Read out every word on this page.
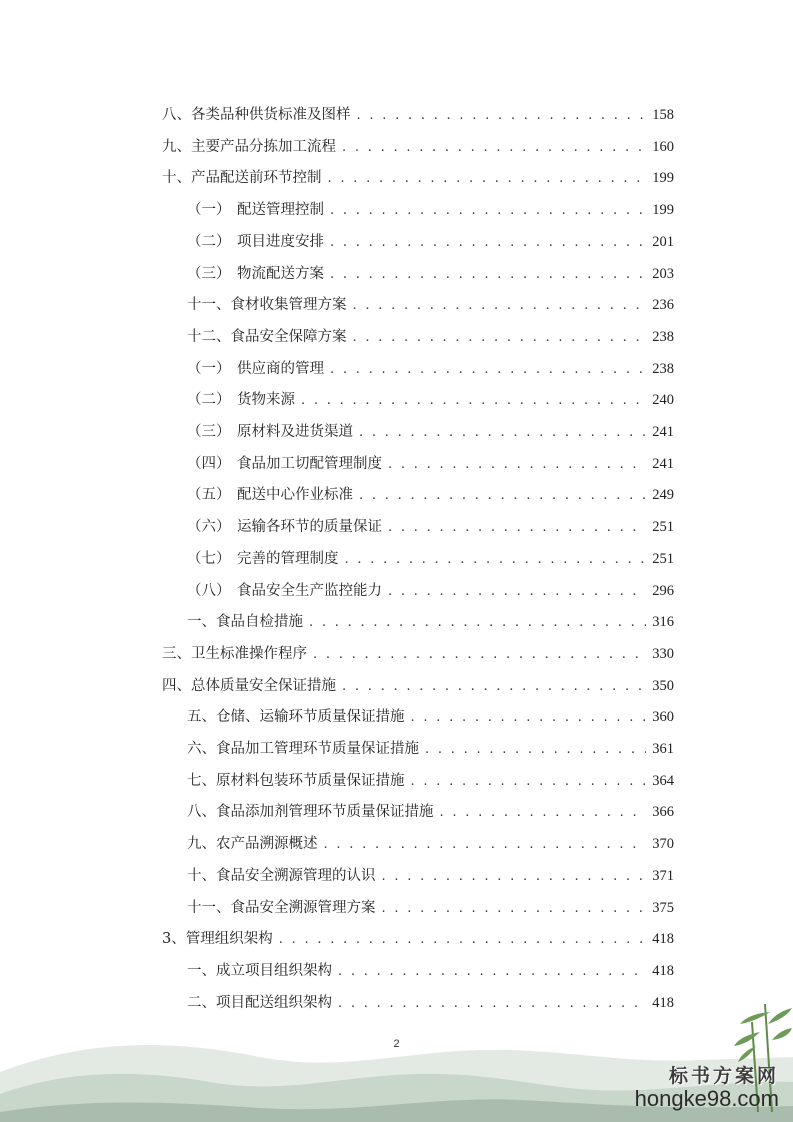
八、各类品种供货标准及图样 . . .	158
九、主要产品分拣加工流程 . . .	160
十、产品配送前环节控制 . . .	199
（一） 配送管理控制 . . .	199
（二） 项目进度安排 . . .	201
（三） 物流配送方案 . . .	203
十一、食材收集管理方案 . . .	236
十二、食品安全保障方案 . . .	238
（一） 供应商的管理 . . .	238
（二） 货物来源 . . .	240
（三） 原材料及进货渠道 . . .	241
（四） 食品加工切配管理制度 . . .	241
（五） 配送中心作业标准 . . .	249
（六） 运输各环节的质量保证 . . .	251
（七） 完善的管理制度 . . .	251
（八） 食品安全生产监控能力 . . .	296
一、食品自检措施 . . .	316
三、卫生标准操作程序 . . .	330
四、总体质量安全保证措施 . . .	350
五、仓储、运输环节质量保证措施 . . .	360
六、食品加工管理环节质量保证措施 . . .	361
七、原材料包装环节质量保证措施 . . .	364
八、食品添加剂管理环节质量保证措施 . . .	366
九、农产品溯源概述 . . .	370
十、食品安全溯源管理的认识 . . .	371
十一、食品安全溯源管理方案 . . .	375
3、管理组织架构 . . .	418
一、成立项目组织架构 . . .	418
二、项目配送组织架构 . . .	418
2
标书方案网
hongke98.com
